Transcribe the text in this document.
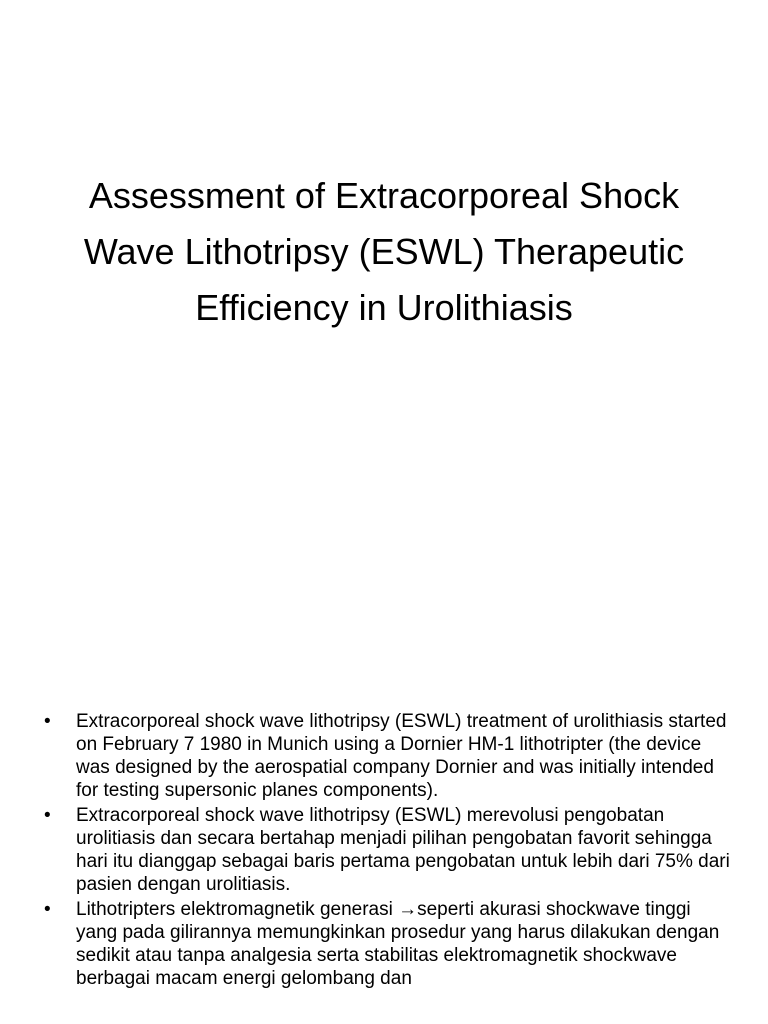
Assessment of Extracorporeal Shock Wave Lithotripsy (ESWL) Therapeutic Efficiency in Urolithiasis
• Extracorporeal shock wave lithotripsy (ESWL) treatment of urolithiasis started on February 7 1980 in Munich using a Dornier HM-1 lithotripter (the device was designed by the aerospatial company Dornier and was initially intended for testing supersonic planes components).
• Extracorporeal shock wave lithotripsy (ESWL) merevolusi pengobatan urolitiasis dan secara bertahap menjadi pilihan pengobatan favorit sehingga hari itu dianggap sebagai baris pertama pengobatan untuk lebih dari 75% dari pasien dengan urolitiasis.
• Lithotripters elektromagnetik generasi →seperti akurasi shockwave tinggi yang pada gilirannya memungkinkan prosedur yang harus dilakukan dengan sedikit atau tanpa analgesia serta stabilitas elektromagnetik shockwave berbagai macam energi gelombang dan
